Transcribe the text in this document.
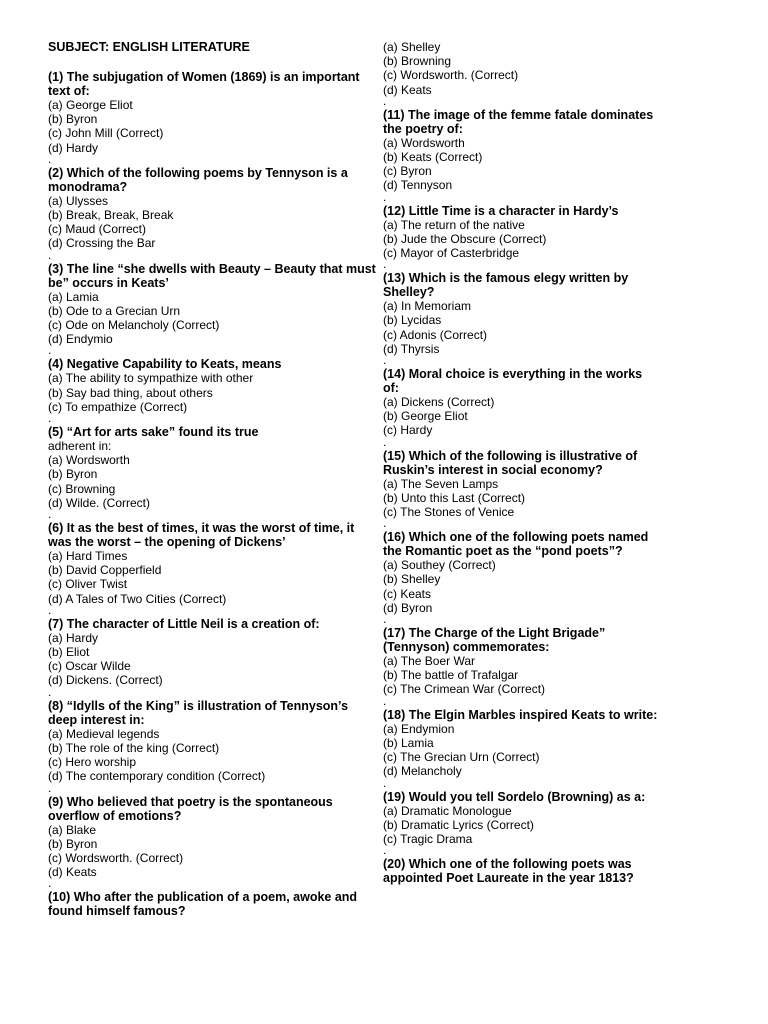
SUBJECT: ENGLISH LITERATURE
(1) The subjugation of Women (1869) is an important text of:
(a) George Eliot
(b) Byron
(c) John Mill (Correct)
(d) Hardy
.
(2) Which of the following poems by Tennyson is a monodrama?
(a) Ulysses
(b) Break, Break, Break
(c) Maud (Correct)
(d) Crossing the Bar
.
(3) The line “she dwells with Beauty – Beauty that must be” occurs in Keats’
(a) Lamia
(b) Ode to a Grecian Urn
(c) Ode on Melancholy (Correct)
(d) Endymio
.
(4) Negative Capability to Keats, means
(a) The ability to sympathize with other
(b) Say bad thing, about others
(c) To empathize (Correct)
.
(5) “Art for arts sake” found its true
adherent in:
(a) Wordsworth
(b) Byron
(c) Browning
(d) Wilde. (Correct)
.
(6) It as the best of times, it was the worst of time, it was the worst – the opening of Dickens’
(a) Hard Times
(b) David Copperfield
(c) Oliver Twist
(d) A Tales of Two Cities (Correct)
.
(7) The character of Little Neil is a creation of:
(a) Hardy
(b) Eliot
(c) Oscar Wilde
(d) Dickens. (Correct)
.
(8) “Idylls of the King” is illustration of Tennyson’s deep interest in:
(a) Medieval legends
(b) The role of the king (Correct)
(c) Hero worship
(d) The contemporary condition (Correct)
.
(9) Who believed that poetry is the spontaneous overflow of emotions?
(a) Blake
(b) Byron
(c) Wordsworth. (Correct)
(d) Keats
.
(10) Who after the publication of a poem, awoke and found himself famous?
(a) Shelley
(b) Browning
(c) Wordsworth. (Correct)
(d) Keats
.
(11) The image of the femme fatale dominates the poetry of:
(a) Wordsworth
(b) Keats (Correct)
(c) Byron
(d) Tennyson
.
(12) Little Time is a character in Hardy’s
(a) The return of the native
(b) Jude the Obscure (Correct)
(c) Mayor of Casterbridge
.
(13) Which is the famous elegy written by Shelley?
(a) In Memoriam
(b) Lycidas
(c) Adonis (Correct)
(d) Thyrsis
.
(14) Moral choice is everything in the works of:
(a) Dickens (Correct)
(b) George Eliot
(c) Hardy
.
(15) Which of the following is illustrative of Ruskin’s interest in social economy?
(a) The Seven Lamps
(b) Unto this Last (Correct)
(c) The Stones of Venice
.
(16) Which one of the following poets named the Romantic poet as the “pond poets”?
(a) Southey (Correct)
(b) Shelley
(c) Keats
(d) Byron
.
(17) The Charge of the Light Brigade” (Tennyson) commemorates:
(a) The Boer War
(b) The battle of Trafalgar
(c) The Crimean War (Correct)
.
(18) The Elgin Marbles inspired Keats to write:
(a) Endymion
(b) Lamia
(c) The Grecian Urn (Correct)
(d) Melancholy
.
(19) Would you tell Sordelo (Browning) as a:
(a) Dramatic Monologue
(b) Dramatic Lyrics (Correct)
(c) Tragic Drama
.
(20) Which one of the following poets was appointed Poet Laureate in the year 1813?
